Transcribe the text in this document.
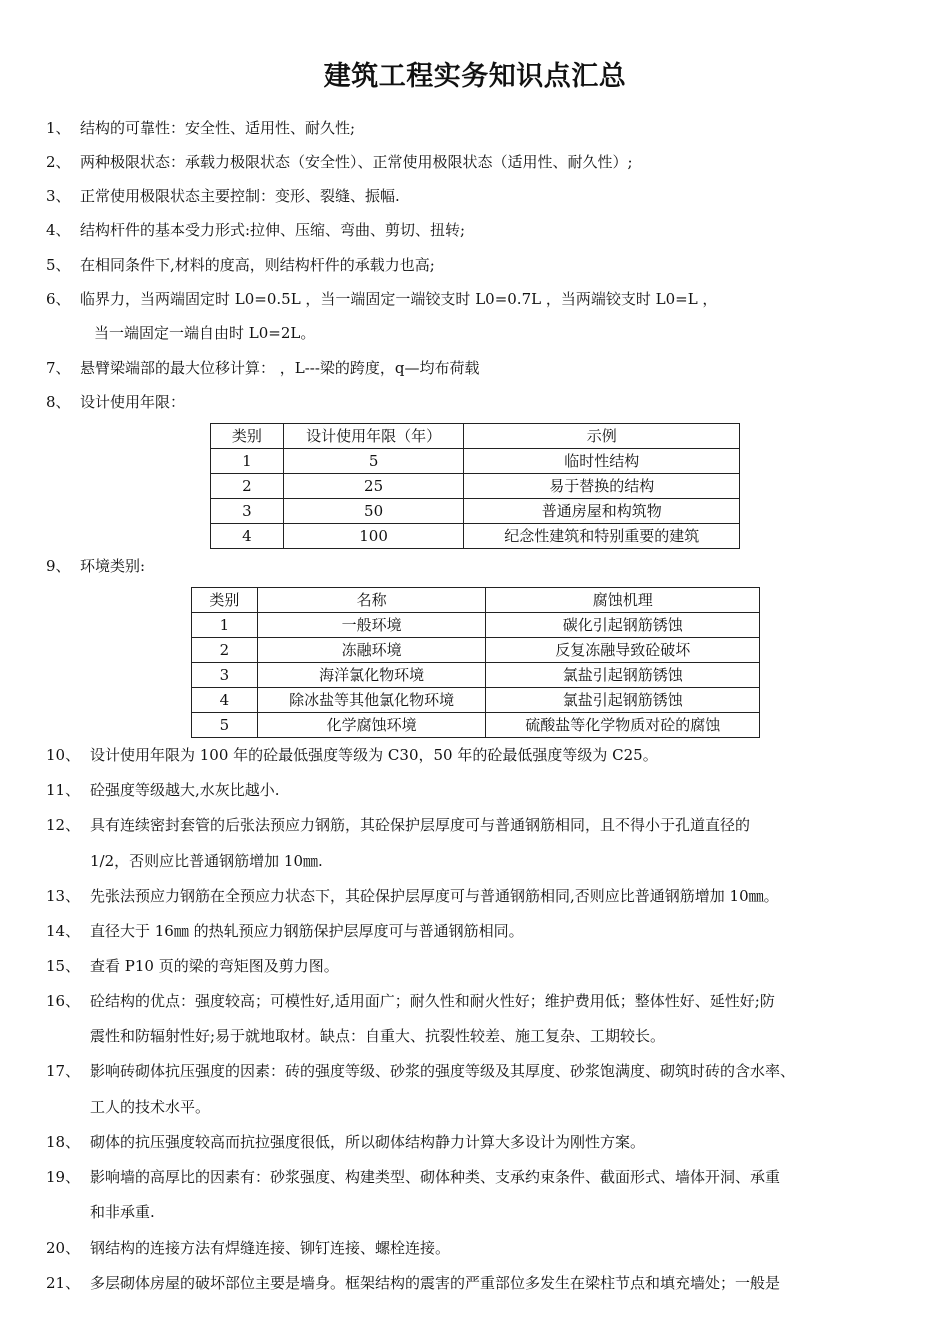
建筑工程实务知识点汇总
1、 结构的可靠性：安全性、适用性、耐久性;
2、 两种极限状态：承载力极限状态（安全性）、正常使用极限状态（适用性、耐久性）;
3、 正常使用极限状态主要控制：变形、裂缝、振幅.
4、 结构杆件的基本受力形式:拉伸、压缩、弯曲、剪切、扭转;
5、 在相同条件下,材料的度高，则结构杆件的承载力也高;
6、 临界力，当两端固定时 L0=0.5L ，当一端固定一端铰支时 L0=0.7L ，当两端铰支时 L0=L ，
当一端固定一端自由时 L0=2L。
7、 悬臂梁端部的最大位移计算： ，L---梁的跨度，q—均布荷载
8、 设计使用年限：
类别	设计使用年限（年）	示例
1	5	临时性结构
2	25	易于替换的结构
3	50	普通房屋和构筑物
4	100	纪念性建筑和特别重要的建筑
9、 环境类别:
类别	名称	腐蚀机理
1	一般环境	碳化引起钢筋锈蚀
2	冻融环境	反复冻融导致砼破坏
3	海洋氯化物环境	氯盐引起钢筋锈蚀
4	除冰盐等其他氯化物环境	氯盐引起钢筋锈蚀
5	化学腐蚀环境	硫酸盐等化学物质对砼的腐蚀
10、 设计使用年限为 100 年的砼最低强度等级为 C30，50 年的砼最低强度等级为 C25。
11、 砼强度等级越大,水灰比越小.
12、 具有连续密封套管的后张法预应力钢筋，其砼保护层厚度可与普通钢筋相同，且不得小于孔道直径的
1/2，否则应比普通钢筋增加 10㎜.
13、 先张法预应力钢筋在全预应力状态下，其砼保护层厚度可与普通钢筋相同,否则应比普通钢筋增加 10㎜。
14、 直径大于 16㎜ 的热轧预应力钢筋保护层厚度可与普通钢筋相同。
15、 查看 P10 页的梁的弯矩图及剪力图。
16、 砼结构的优点：强度较高；可模性好,适用面广；耐久性和耐火性好；维护费用低；整体性好、延性好;防
震性和防辐射性好;易于就地取材。缺点：自重大、抗裂性较差、施工复杂、工期较长。
17、 影响砖砌体抗压强度的因素：砖的强度等级、砂浆的强度等级及其厚度、砂浆饱满度、砌筑时砖的含水率、
工人的技术水平。
18、 砌体的抗压强度较高而抗拉强度很低，所以砌体结构静力计算大多设计为刚性方案。
19、 影响墙的高厚比的因素有：砂浆强度、构建类型、砌体种类、支承约束条件、截面形式、墙体开洞、承重
和非承重.
20、 钢结构的连接方法有焊缝连接、铆钉连接、螺栓连接。
21、 多层砌体房屋的破坏部位主要是墙身。框架结构的震害的严重部位多发生在梁柱节点和填充墙处；一般是
